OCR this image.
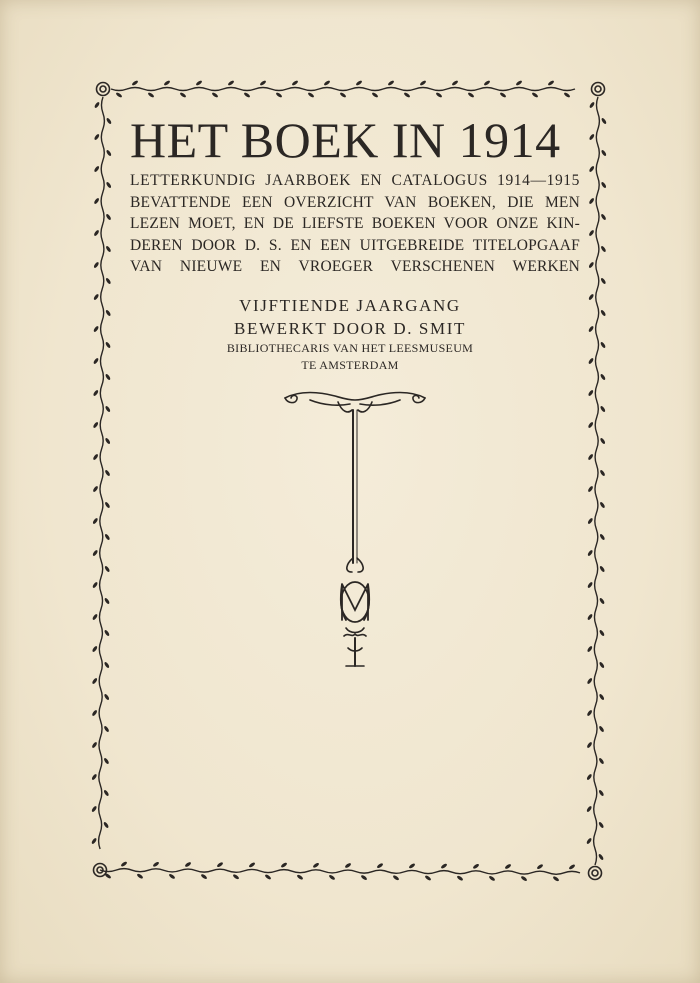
HET BOEK IN 1914
LETTERKUNDIG JAARBOEK EN CATALOGUS 1914—1915
BEVATTENDE EEN OVERZICHT VAN BOEKEN, DIE MEN
LEZEN MOET, EN DE LIEFSTE BOEKEN VOOR ONZE KIN-
DEREN DOOR D. S. EN EEN UITGEBREIDE TITELOPGAAF
VAN NIEUWE EN VROEGER VERSCHENEN WERKEN
VIJFTIENDE JAARGANG
BEWERKT DOOR D. SMIT
BIBLIOTHECARIS VAN HET LEESMUSEUM
TE AMSTERDAM
